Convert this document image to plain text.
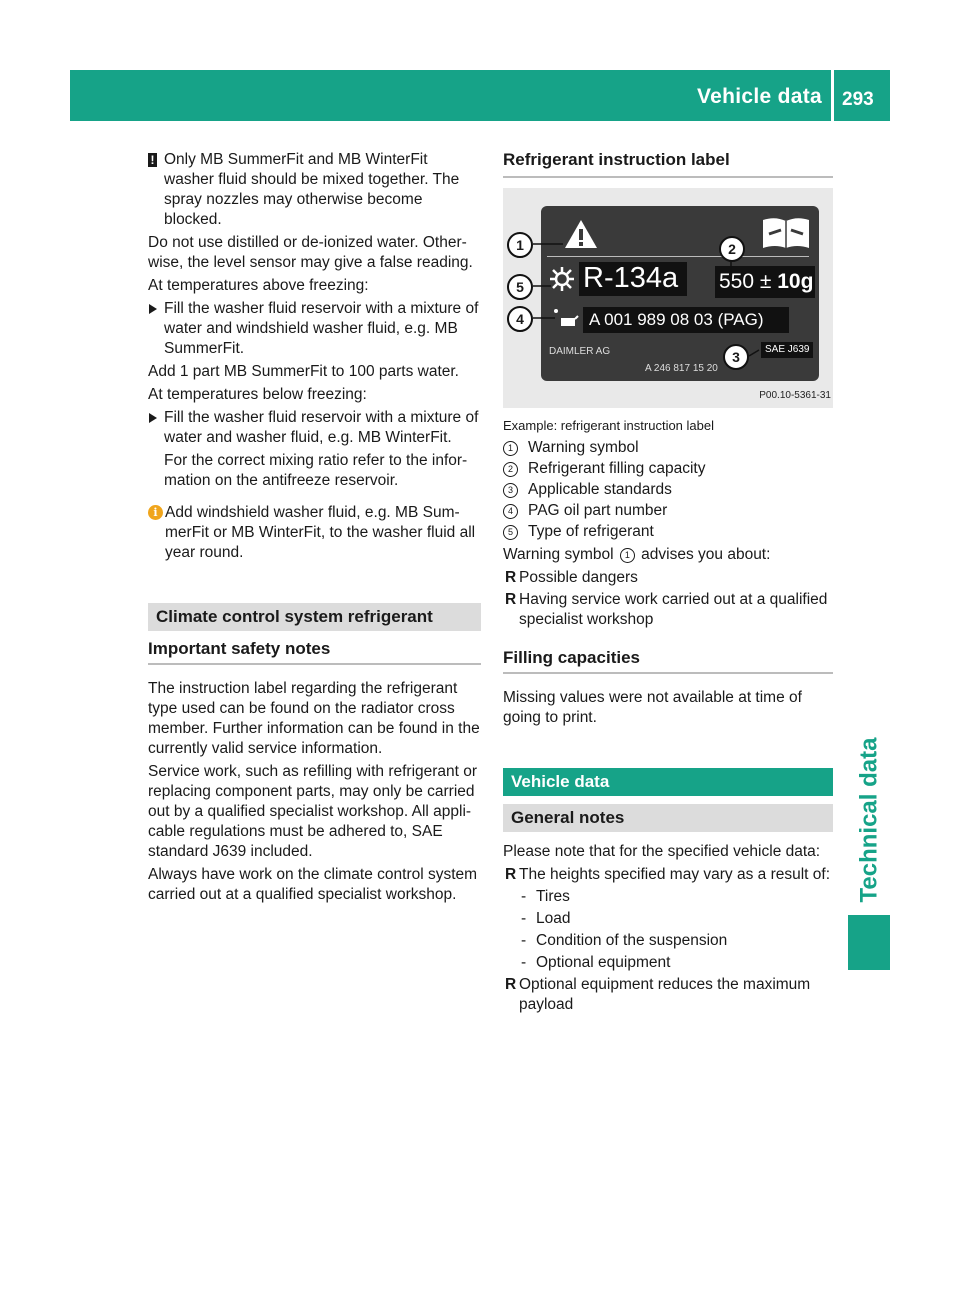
Vehicle data 293
Technical data
! Only MB SummerFit and MB WinterFit washer fluid should be mixed together. The spray nozzles may otherwise become blocked.

Do not use distilled or de-ionized water. Other-wise, the level sensor may give a false reading.

At temperatures above freezing:

Fill the washer fluid reservoir with a mixture of water and windshield washer fluid, e.g. MB SummerFit.

Add 1 part MB SummerFit to 100 parts water.

At temperatures below freezing:

Fill the washer fluid reservoir with a mixture of water and washer fluid, e.g. MB WinterFit.

For the correct mixing ratio refer to the infor-mation on the antifreeze reservoir.

i Add windshield washer fluid, e.g. MB Sum-merFit or MB WinterFit, to the washer fluid all year round.
Climate control system refrigerant
Important safety notes

The instruction label regarding the refrigerant type used can be found on the radiator cross member. Further information can be found in the currently valid service information.

Service work, such as refilling with refrigerant or replacing component parts, may only be carried out by a qualified specialist workshop. All appli-cable regulations must be adhered to, SAE standard J639 included.

Always have work on the climate control system carried out at a qualified specialist workshop.

Refrigerant instruction label
R-134a 550 ± 10g
A 001 989 08 03 (PAG)
DAIMLER AG	SAE J639
A 246 817 15 20
1
5
4
2
3
P00.10-5361-31
Example: refrigerant instruction label
1 Warning symbol
2 Refrigerant filling capacity
3 Applicable standards
4 PAG oil part number
5 Type of refrigerant

Warning symbol 1 advises you about:

R Possible dangers
R Having service work carried out at a qualified specialist workshop
Filling capacities

Missing values were not available at time of going to print.

Vehicle data
General notes

Please note that for the specified vehicle data:

R The heights specified may vary as a result of:
- Tires
- Load
- Condition of the suspension
- Optional equipment
R Optional equipment reduces the maximum payload
